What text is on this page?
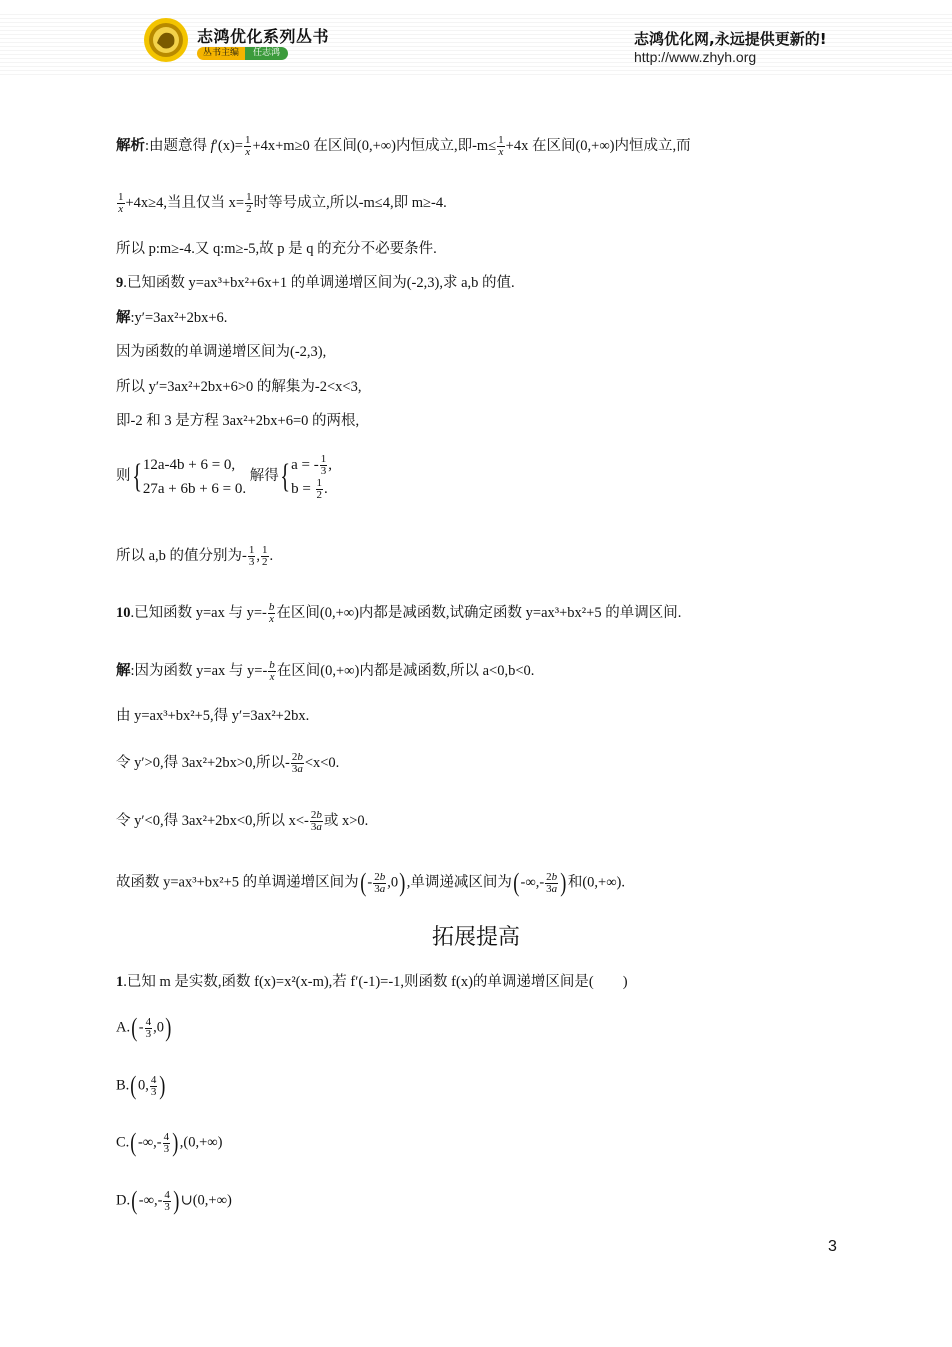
志鸿优化系列丛书
丛书主编	任志鸿
志鸿优化网,永远提供更新的!
http://www.zhyh.org
解析:由题意得 $f'(x)= \frac{1}{x} +4x+m\ge 0$ 在区间(0,+∞)内恒成立,即$-m\le \frac{1}{x} +4x$ 在区间(0,+∞)内恒成立,而
$\frac{1}{x} +4x\ge 4$,当且仅当 $x= \frac{1}{2}$ 时等号成立,所以-m≤4,即 m≥-4.
所以 p:m≥-4.又 q:m≥-5,故 p 是 q 的充分不必要条件.
9.已知函数 y=ax³+bx²+6x+1 的单调递增区间为(-2,3),求 a,b 的值.
解:y′=3ax²+2bx+6.
因为函数的单调递增区间为(-2,3),
所以 y′=3ax²+2bx+6>0 的解集为-2<x<3,
即-2 和 3 是方程 3ax²+2bx+6=0 的两根,
则{ 12a-4b + 6 = 0,
27a + 6b + 6 = 0.
解得{ a = - $\frac{1}{3}$ ,
$b = \frac{1}{2}$ .
所以 a,b 的值分别为- $\frac{1}{3}$ , $\frac{1}{2}$ .
10.已知函数 y=ax 与 $y=- \frac{b}{x}$ 在区间(0,+∞)内都是减函数,试确定函数 y=ax³+bx²+5 的单调区间.
解:因为函数 y=ax 与 $y=- \frac{b}{x}$ 在区间(0,+∞)内都是减函数,所以 a<0,b<0.
由 y=ax³+bx²+5,得 y′=3ax²+2bx.
令 y′>0,得 3ax²+2bx>0,所以- $\frac{2b}{3a} <x<0$.
令 y′<0,得 3ax²+2bx<0,所以 $x<- \frac{2b}{3a}$ 或 x>0.
故函数 y=ax³+bx²+5 的单调递增区间为(- $\frac{2b}{3a} ,0$),单调递减区间为(-∞,- $\frac{2b}{3a}$ )和(0,+∞).
拓展提高
1.已知 m 是实数,函数 f(x)=x²(x-m),若 f′(-1)=-1,则函数 f(x)的单调递增区间是(　　)
$A.(- \frac{4}{3} ,0)$
B.(0, $\frac{4}{3}$ )
$C.(-\infty,- \frac{4}{3} ),(0,+\infty)$
$D.(-\infty,- \frac{4}{3}$ )∪(0,+∞)
3
